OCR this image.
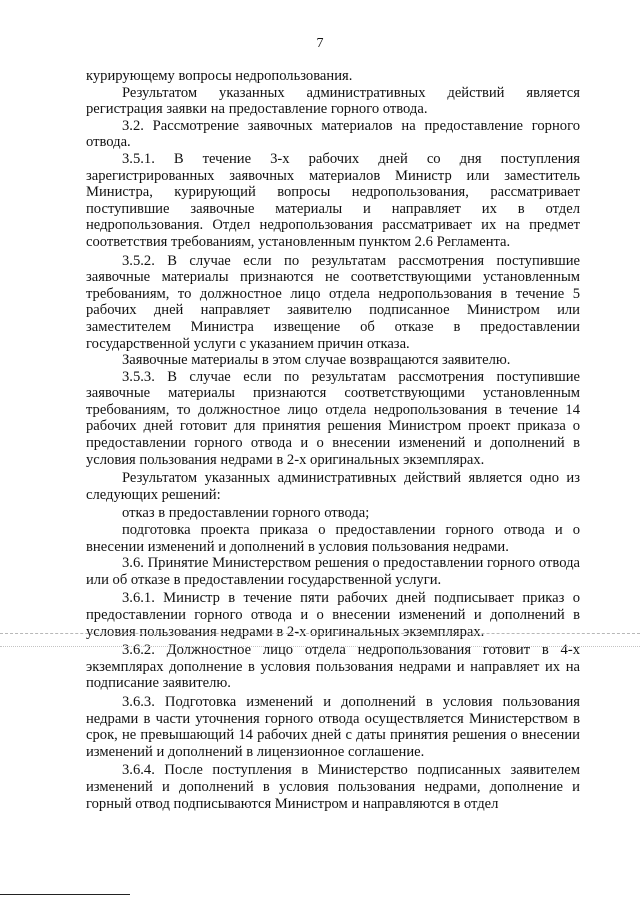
7

курирующему вопросы недропользования.

Результатом указанных административных действий является регистрация заявки на предоставление горного отвода.

3.2. Рассмотрение заявочных материалов на предоставление горного отвода.

3.5.1. В течение 3-х рабочих дней со дня поступления зарегистрированных заявочных материалов Министр или заместитель Министра, курирующий вопросы недропользования, рассматривает поступившие заявочные материалы и направляет их в отдел недропользования. Отдел недропользования рассматривает их на предмет соответствия требованиям, установленным пунктом 2.6 Регламента.

3.5.2. В случае если по результатам рассмотрения поступившие заявочные материалы признаются не соответствующими установленным требованиям, то должностное лицо отдела недропользования в течение 5 рабочих дней направляет заявителю подписанное Министром или заместителем Министра извещение об отказе в предоставлении государственной услуги с указанием причин отказа.

Заявочные материалы в этом случае возвращаются заявителю.

3.5.3. В случае если по результатам рассмотрения поступившие заявочные материалы признаются соответствующими установленным требованиям, то должностное лицо отдела недропользования в течение 14 рабочих дней готовит для принятия решения Министром проект приказа о предоставлении горного отвода и о внесении изменений и дополнений в условия пользования недрами в 2-х оригинальных экземплярах.

Результатом указанных административных действий является одно из следующих решений:

отказ в предоставлении горного отвода;

подготовка проекта приказа о предоставлении горного отвода и о внесении изменений и дополнений в условия пользования недрами.

3.6. Принятие Министерством решения о предоставлении горного отвода или об отказе в предоставлении государственной услуги.

3.6.1. Министр в течение пяти рабочих дней подписывает приказ о предоставлении горного отвода и о внесении изменений и дополнений в условия пользования недрами в 2-х оригинальных экземплярах.

3.6.2. Должностное лицо отдела недропользования готовит в 4-х экземплярах дополнение в условия пользования недрами и направляет их на подписание заявителю.

3.6.3. Подготовка изменений и дополнений в условия пользования недрами в части уточнения горного отвода осуществляется Министерством в срок, не превышающий 14 рабочих дней с даты принятия решения о внесении изменений и дополнений в лицензионное соглашение.

3.6.4. После поступления в Министерство подписанных заявителем изменений и дополнений в условия пользования недрами, дополнение и горный отвод подписываются Министром и направляются в отдел
